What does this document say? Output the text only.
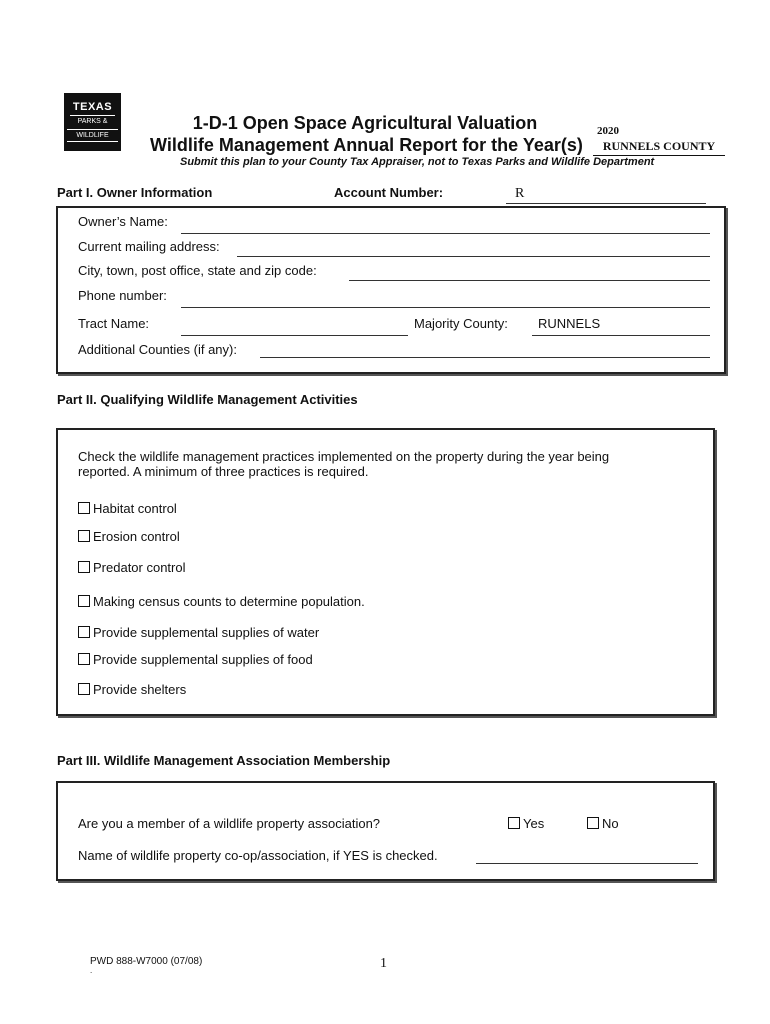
TEXAS
PARKS &
WILDLIFE
1-D-1 Open Space Agricultural Valuation
Wildlife Management Annual Report for the Year(s)
2020
RUNNELS COUNTY
Submit this plan to your County Tax Appraiser, not to Texas Parks and Wildlife Department
Part I. Owner Information	Account Number:	R
Owner’s Name:
Current mailing address:
City, town, post office, state and zip code:
Phone number:
Tract Name:	Majority County: RUNNELS
Additional Counties (if any):
Part II. Qualifying Wildlife Management Activities
Check the wildlife management practices implemented on the property during the year being
reported. A minimum of three practices is required.
Habitat control
Erosion control
Predator control
Making census counts to determine population.
Provide supplemental supplies of water
Provide supplemental supplies of food
Provide shelters
Part III. Wildlife Management Association Membership
Are you a member of a wildlife property association?	Yes	No
Name of wildlife property co-op/association, if YES is checked.
PWD 888-W7000 (07/08)	1
.
